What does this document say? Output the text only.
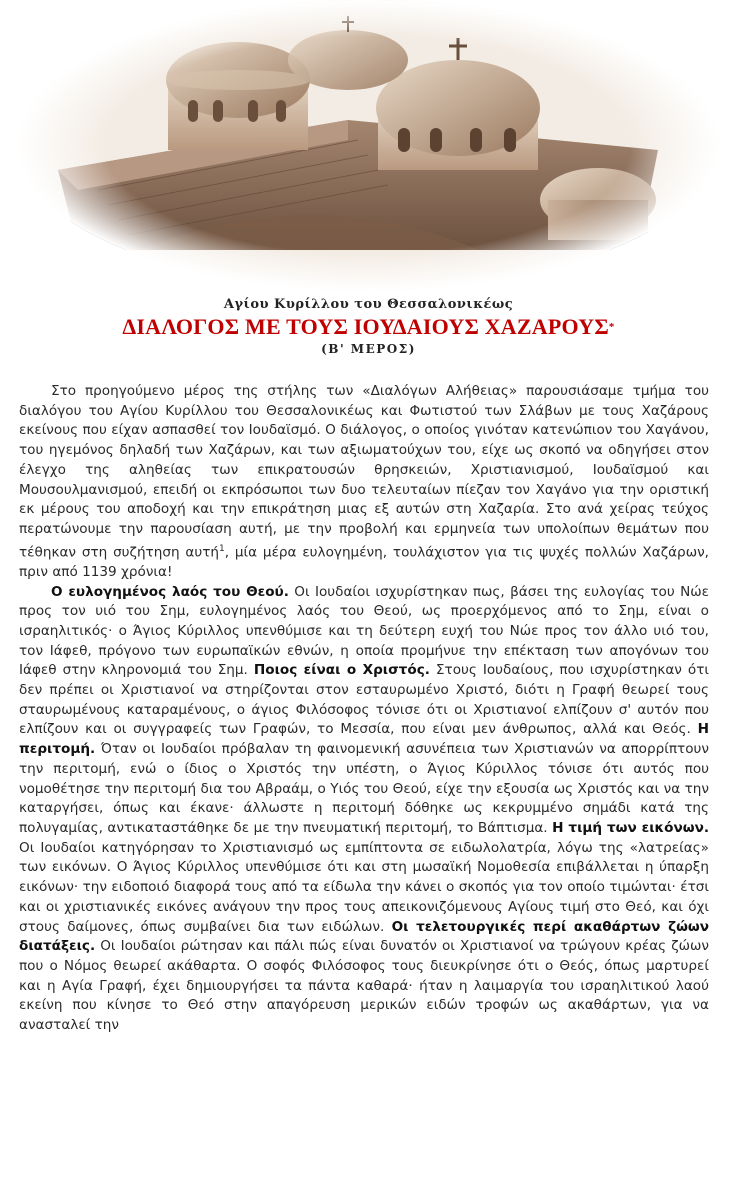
Αγίου Κυρίλλου του Θεσσαλονικέως

ΔΙΑΛΟΓΟΣ ΜΕ ΤΟΥΣ ΙΟΥΔΑΙΟΥΣ ΧΑΖΑΡΟΥΣ*

(Β' ΜΕΡΟΣ)

Στο προηγούμενο μέρος της στήλης των «Διαλόγων Αλήθειας» παρουσιάσαμε τμήμα του διαλόγου του Αγίου Κυρίλλου του Θεσσαλονικέως και Φωτιστού των Σλάβων με τους Χαζάρους εκείνους που είχαν ασπασθεί τον Ιουδαϊσμό. Ο διάλογος, ο οποίος γινόταν κατενώπιον του Χαγάνου, του ηγεμόνος δηλαδή των Χαζάρων, και των αξιωματούχων του, είχε ως σκοπό να οδηγήσει στον έλεγχο της αληθείας των επικρατουσών θρησκειών, Χριστιανισμού, Ιουδαϊσμού και Μουσουλμανισμού, επειδή οι εκπρόσωποι των δυο τελευταίων πίεζαν τον Χαγάνο για την οριστική εκ μέρους του αποδοχή και την επικράτηση μιας εξ αυτών στη Χαζαρία. Στο ανά χείρας τεύχος περατώνουμε την παρουσίαση αυτή, με την προβολή και ερμηνεία των υπολοίπων θεμάτων που τέθηκαν στη συζήτηση αυτή$^1$, μία μέρα ευλογημένη, τουλάχιστον για τις ψυχές πολλών Χαζάρων, πριν από 1139 χρόνια!

Ο ευλογημένος λαός του Θεού. Οι Ιουδαίοι ισχυρίστηκαν πως, βάσει της ευλογίας του Νώε προς τον υιό του Σημ, ευλογημένος λαός του Θεού, ως προερχόμενος από το Σημ, είναι ο ισραηλιτικός· ο Άγιος Κύριλλος υπενθύμισε και τη δεύτερη ευχή του Νώε προς τον άλλο υιό του, τον Ιάφεθ, πρόγονο των ευρωπαϊκών εθνών, η οποία προμήνυε την επέκταση των απογόνων του Ιάφεθ στην κληρονομιά του Σημ. Ποιος είναι ο Χριστός. Στους Ιουδαίους, που ισχυρίστηκαν ότι δεν πρέπει οι Χριστιανοί να στηρίζονται στον εσταυρωμένο Χριστό, διότι η Γραφή θεωρεί τους σταυρωμένους καταραμένους, ο άγιος Φιλόσοφος τόνισε ότι οι Χριστιανοί ελπίζουν σ' αυτόν που ελπίζουν και οι συγγραφείς των Γραφών, το Μεσσία, που είναι μεν άνθρωπος, αλλά και Θεός. Η περιτομή. Όταν οι Ιουδαίοι πρόβαλαν τη φαινομενική ασυνέπεια των Χριστιανών να απορρίπτουν την περιτομή, ενώ ο ίδιος ο Χριστός την υπέστη, ο Άγιος Κύριλλος τόνισε ότι αυτός που νομοθέτησε την περιτομή δια του Αβραάμ, ο Υιός του Θεού, είχε την εξουσία ως Χριστός και να την καταργήσει, όπως και έκανε· άλλωστε η περιτομή δόθηκε ως κεκρυμμένο σημάδι κατά της πολυγαμίας, αντικαταστάθηκε δε με την πνευματική περιτομή, το Βάπτισμα. Η τιμή των εικόνων. Οι Ιουδαίοι κατηγόρησαν το Χριστιανισμό ως εμπίπτοντα σε ειδωλολατρία, λόγω της «λατρείας» των εικόνων. Ο Άγιος Κύριλλος υπενθύμισε ότι και στη μωσαϊκή Νομοθεσία επιβάλλεται η ύπαρξη εικόνων· την ειδοποιό διαφορά τους από τα είδωλα την κάνει ο σκοπός για τον οποίο τιμώνται· έτσι και οι χριστιανικές εικόνες ανάγουν την προς τους απεικονιζόμενους Αγίους τιμή στο Θεό, και όχι στους δαίμονες, όπως συμβαίνει δια των ειδώλων. Οι τελετουργικές περί ακαθάρτων ζώων διατάξεις. Οι Ιουδαίοι ρώτησαν και πάλι πώς είναι δυνατόν οι Χριστιανοί να τρώγουν κρέας ζώων που ο Νόμος θεωρεί ακάθαρτα. Ο σοφός Φιλόσοφος τους διευκρίνησε ότι ο Θεός, όπως μαρτυρεί και η Αγία Γραφή, έχει δημιουργήσει τα πάντα καθαρά· ήταν η λαιμαργία του ισραηλιτικού λαού εκείνη που κίνησε το Θεό στην απαγόρευση μερικών ειδών τροφών ως ακαθάρτων, για να ανασταλεί την
